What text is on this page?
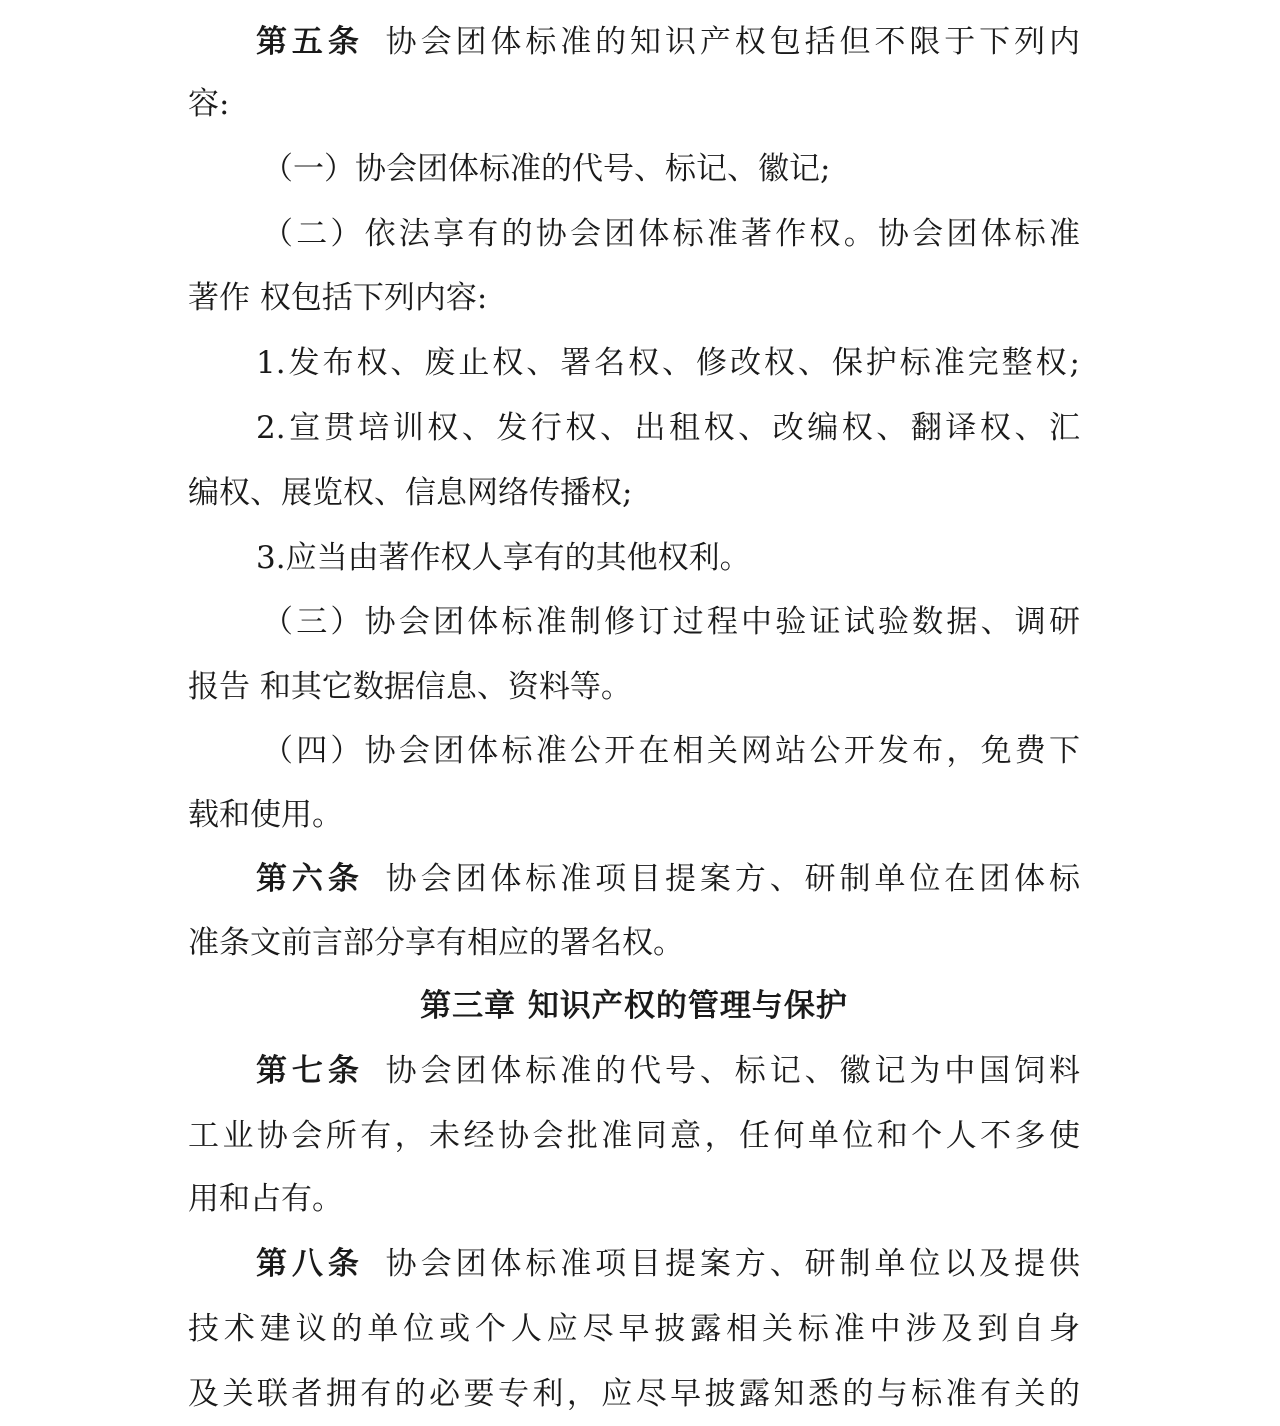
第五条 协会团体标准的知识产权包括但不限于下列内
容:
（一）协会团体标准的代号、标记、徽记;
（二）依法享有的协会团体标准著作权。协会团体标准
著作 权包括下列内容:
1.发布权、废止权、署名权、修改权、保护标准完整权;
2.宣贯培训权、发行权、出租权、改编权、翻译权、汇
编权、展览权、信息网络传播权;
3.应当由著作权人享有的其他权利。
（三）协会团体标准制修订过程中验证试验数据、调研
报告 和其它数据信息、资料等。
（四）协会团体标准公开在相关网站公开发布，免费下
载和使用。
第六条 协会团体标准项目提案方、研制单位在团体标
准条文前言部分享有相应的署名权。
第三章 知识产权的管理与保护
第七条 协会团体标准的代号、标记、徽记为中国饲料
工业协会所有，未经协会批准同意，任何单位和个人不多使
用和占有。
第八条 协会团体标准项目提案方、研制单位以及提供
技术建议的单位或个人应尽早披露相关标准中涉及到自身
及关联者拥有的必要专利，应尽早披露知悉的与标准有关的
